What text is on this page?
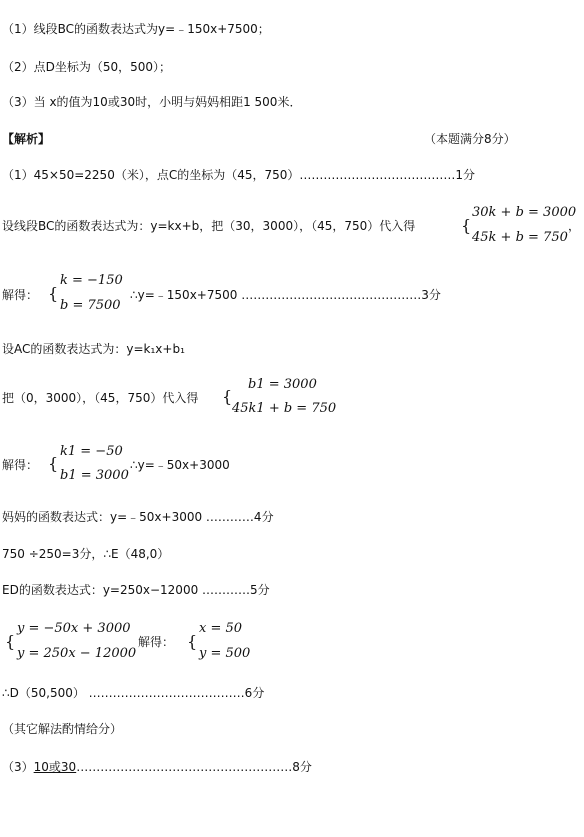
（1）线段BC的函数表达式为y=﹣150x+7500；
（2）点D坐标为（50，500）；
（3）当 x的值为10或30时，小明与妈妈相距1 500米．
【解析】	（本题满分8分）
（1）45×50=2250（米），点C的坐标为（45，750）…………………………………1分
设线段BC的函数表达式为：y=kx+b，把（30，3000），（45，750）代入得	{
30k + b = 3000
45k + b = 750
，
解得： {
k = −150
b = 7500
∴y=﹣150x+7500 ………………………………………3分
设AC的函数表达式为：y=k₁x+b₁
把（0，3000），（45，750）代入得 {
b1 = 3000
45k1 + b = 750
解得： {
k1 = −50
b1 = 3000
∴y=﹣50x+3000
妈妈的函数表达式：y=﹣50x+3000 …………4分
750 ÷250=3分，∴E（48,0）
ED的函数表达式：y=250x−12000 …………5分
{
y = −50x + 3000
y = 250x − 12000
解得： {
x = 50
y = 500
∴D（50,500） …………………………………6分
（其它解法酌情给分）
（3）10或30………………………………………………8分
